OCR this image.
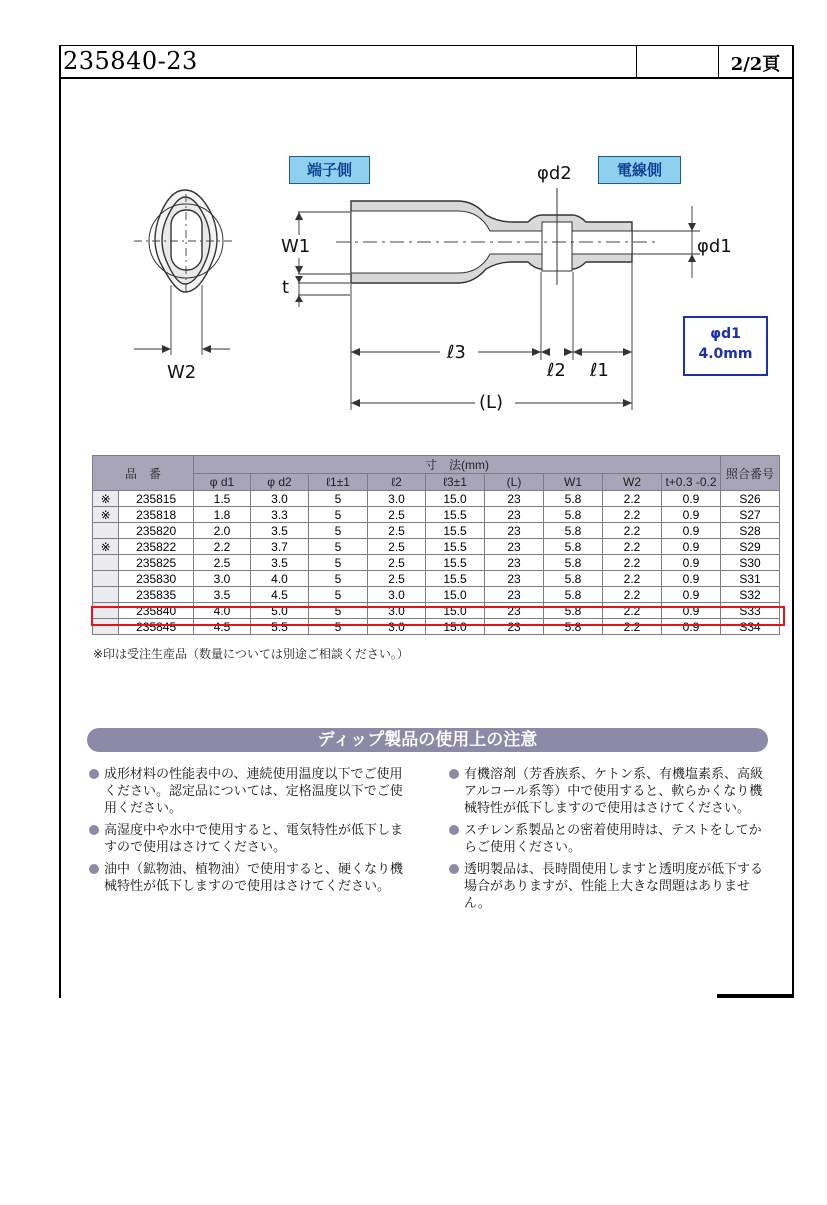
235840-23	2/2頁
端子側	電線側
φd2
φd1
W1
t
W2
ℓ3
ℓ2 ℓ1
(L)
φd1
4.0mm
品　番		寸　法(mm)									照合番号
		φ d1	φ d2	ℓ1±1	ℓ2	ℓ3±1	(L)	W1	W2	t+0.3 -0.2	
※	235815	1.5	3.0	5	3.0	15.0	23	5.8	2.2	0.9	S26
※	235818	1.8	3.3	5	2.5	15.5	23	5.8	2.2	0.9	S27
	235820	2.0	3.5	5	2.5	15.5	23	5.8	2.2	0.9	S28
※	235822	2.2	3.7	5	2.5	15.5	23	5.8	2.2	0.9	S29
	235825	2.5	3.5	5	2.5	15.5	23	5.8	2.2	0.9	S30
	235830	3.0	4.0	5	2.5	15.5	23	5.8	2.2	0.9	S31
	235835	3.5	4.5	5	3.0	15.0	23	5.8	2.2	0.9	S32
	235840	4.0	5.0	5	3.0	15.0	23	5.8	2.2	0.9	S33
	235845	4.5	5.5	5	3.0	15.0	23	5.8	2.2	0.9	S34
※印は受注生産品（数量については別途ご相談ください。）
ディップ製品の使用上の注意
成形材料の性能表中の、連続使用温度以下でご使用ください。認定品については、定格温度以下でご使用ください。
高湿度中や水中で使用すると、電気特性が低下しますので使用はさけてください。
油中（鉱物油、植物油）で使用すると、硬くなり機械特性が低下しますので使用はさけてください。
有機溶剤（芳香族系、ケトン系、有機塩素系、高級アルコール系等）中で使用すると、軟らかくなり機械特性が低下しますので使用はさけてください。
スチレン系製品との密着使用時は、テストをしてからご使用ください。
透明製品は、長時間使用しますと透明度が低下する場合がありますが、性能上大きな問題はありません。
